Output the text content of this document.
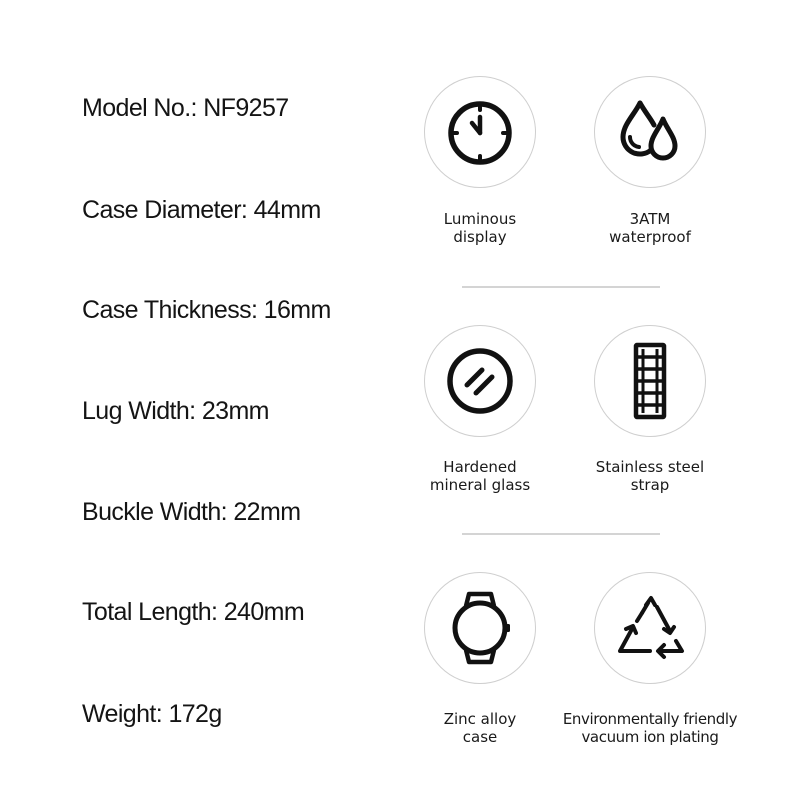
Model No.: NF9257
Case Diameter: 44mm
Case Thickness: 16mm
Lug Width: 23mm
Buckle Width: 22mm
Total Length: 240mm
Weight: 172g
Luminous
display
3ATM
waterproof
Hardened
mineral glass
Stainless steel
strap
Zinc alloy
case
Environmentally friendly
vacuum ion plating
